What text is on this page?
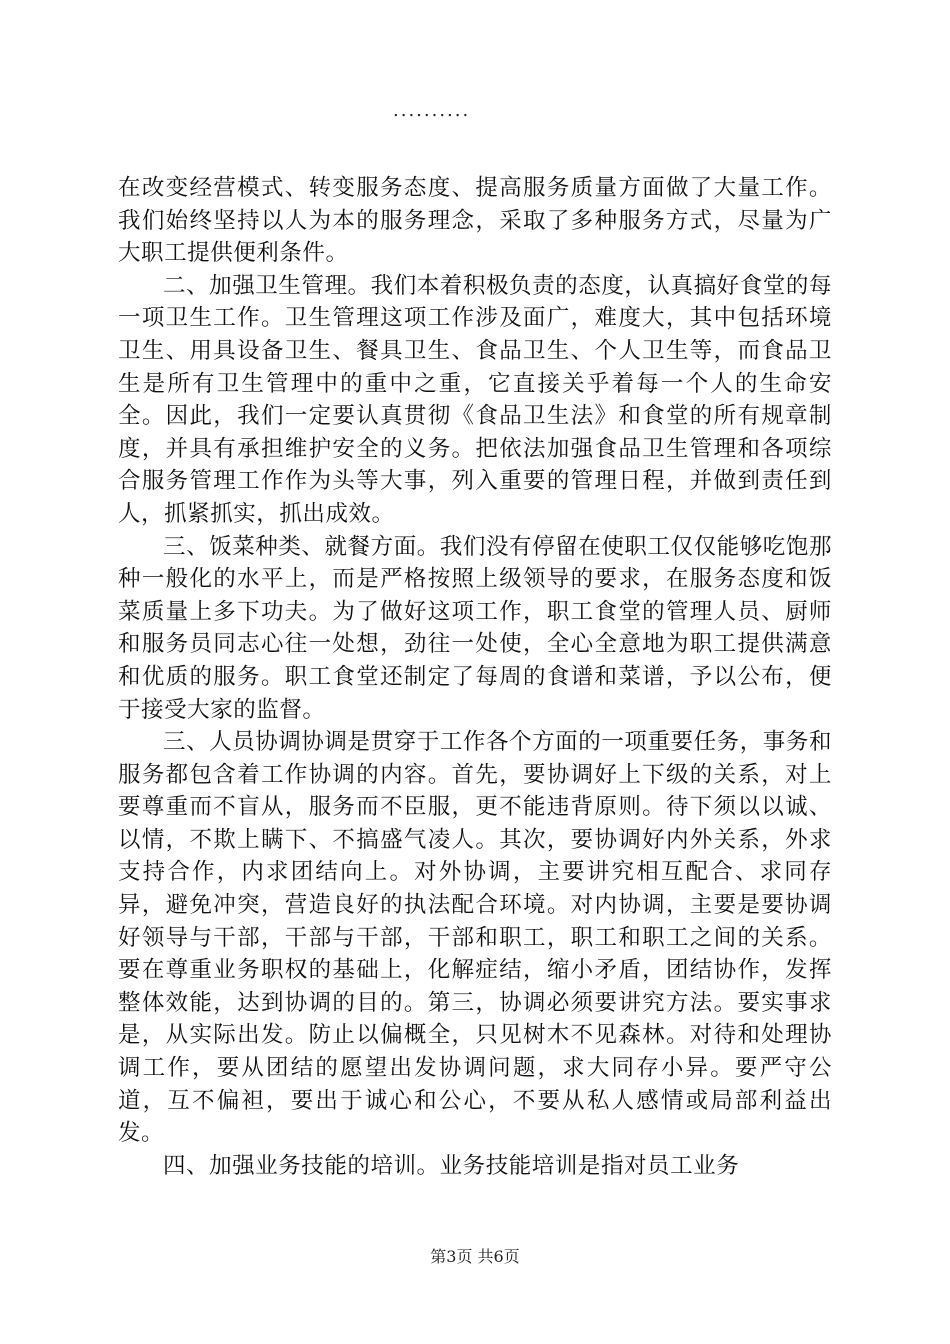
..........

在改变经营模式、转变服务态度、提高服务质量方面做了大量工作。我们始终坚持以人为本的服务理念，采取了多种服务方式，尽量为广大职工提供便利条件。

二、加强卫生管理。我们本着积极负责的态度，认真搞好食堂的每一项卫生工作。卫生管理这项工作涉及面广，难度大，其中包括环境卫生、用具设备卫生、餐具卫生、食品卫生、个人卫生等，而食品卫生是所有卫生管理中的重中之重，它直接关乎着每一个人的生命安全。因此，我们一定要认真贯彻《食品卫生法》和食堂的所有规章制度，并具有承担维护安全的义务。把依法加强食品卫生管理和各项综合服务管理工作作为头等大事，列入重要的管理日程，并做到责任到人，抓紧抓实，抓出成效。

三、饭菜种类、就餐方面。我们没有停留在使职工仅仅能够吃饱那种一般化的水平上，而是严格按照上级领导的要求，在服务态度和饭菜质量上多下功夫。为了做好这项工作，职工食堂的管理人员、厨师和服务员同志心往一处想，劲往一处使，全心全意地为职工提供满意和优质的服务。职工食堂还制定了每周的食谱和菜谱，予以公布，便于接受大家的监督。

三、人员协调协调是贯穿于工作各个方面的一项重要任务，事务和服务都包含着工作协调的内容。首先，要协调好上下级的关系，对上要尊重而不盲从，服务而不臣服，更不能违背原则。待下须以以诚、以情，不欺上瞒下、不搞盛气凌人。其次，要协调好内外关系，外求支持合作，内求团结向上。对外协调，主要讲究相互配合、求同存异，避免冲突，营造良好的执法配合环境。对内协调，主要是要协调好领导与干部，干部与干部，干部和职工，职工和职工之间的关系。要在尊重业务职权的基础上，化解症结，缩小矛盾，团结协作，发挥整体效能，达到协调的目的。第三，协调必须要讲究方法。要实事求是，从实际出发。防止以偏概全，只见树木不见森林。对待和处理协调工作，要从团结的愿望出发协调问题，求大同存小异。要严守公道，互不偏袒，要出于诚心和公心，不要从私人感情或局部利益出发。

四、加强业务技能的培训。业务技能培训是指对员工业务

第3页 共6页
